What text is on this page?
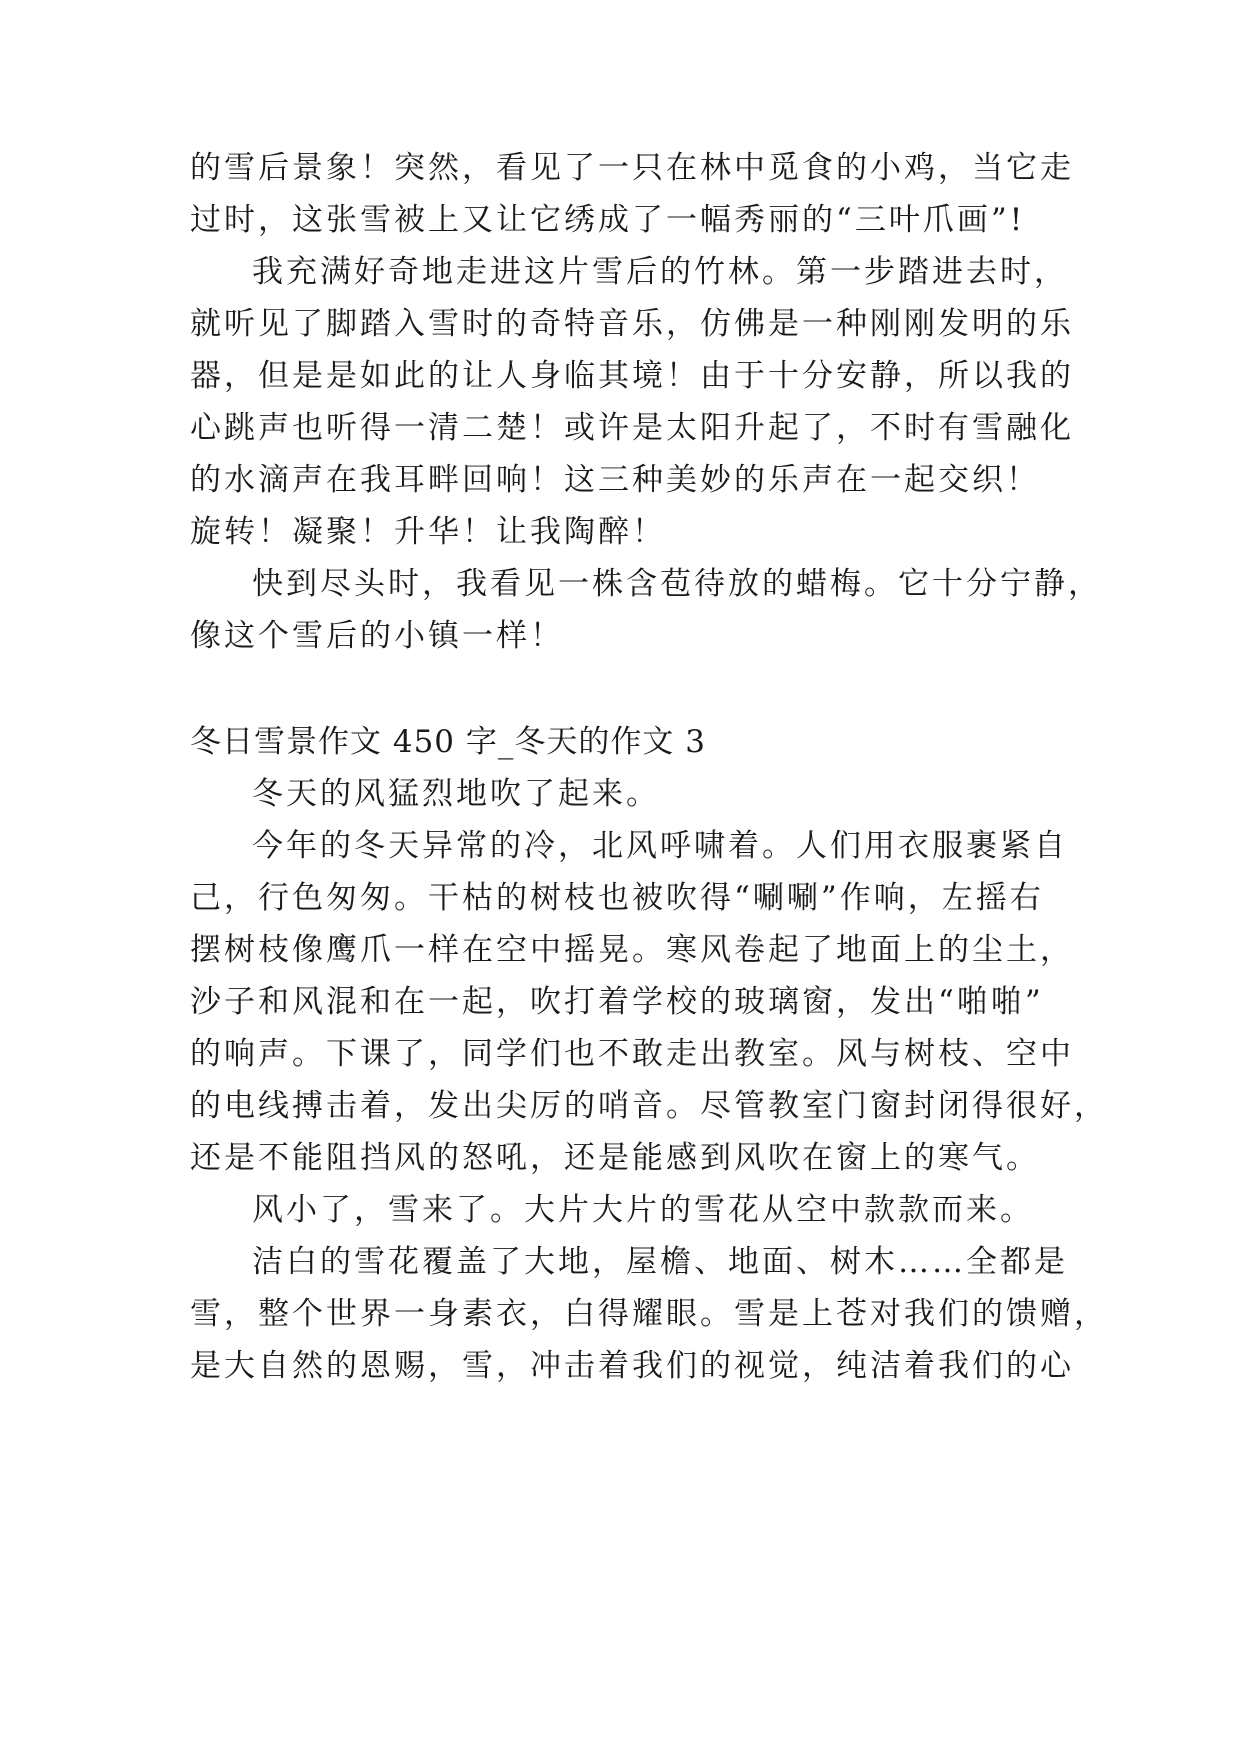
的雪后景象！突然，看见了一只在林中觅食的小鸡，当它走
过时，这张雪被上又让它绣成了一幅秀丽的“三叶爪画”!
我充满好奇地走进这片雪后的竹林。第一步踏进去时，
就听见了脚踏入雪时的奇特音乐，仿佛是一种刚刚发明的乐
器，但是是如此的让人身临其境！由于十分安静，所以我的
心跳声也听得一清二楚！或许是太阳升起了，不时有雪融化
的水滴声在我耳畔回响！这三种美妙的乐声在一起交织！
旋转！凝聚！升华！让我陶醉！
快到尽头时，我看见一株含苞待放的蜡梅。它十分宁静，
像这个雪后的小镇一样！
冬日雪景作文 450 字_冬天的作文 3
冬天的风猛烈地吹了起来。
今年的冬天异常的冷，北风呼啸着。人们用衣服裹紧自
己，行色匆匆。干枯的树枝也被吹得“唰唰”作响，左摇右
摆树枝像鹰爪一样在空中摇晃。寒风卷起了地面上的尘土，
沙子和风混和在一起，吹打着学校的玻璃窗，发出“啪啪”
的响声。下课了，同学们也不敢走出教室。风与树枝、空中
的电线搏击着，发出尖厉的哨音。尽管教室门窗封闭得很好，
还是不能阻挡风的怒吼，还是能感到风吹在窗上的寒气。
风小了，雪来了。大片大片的雪花从空中款款而来。
洁白的雪花覆盖了大地，屋檐、地面、树木……全都是
雪，整个世界一身素衣，白得耀眼。雪是上苍对我们的馈赠，
是大自然的恩赐，雪，冲击着我们的视觉，纯洁着我们的心
